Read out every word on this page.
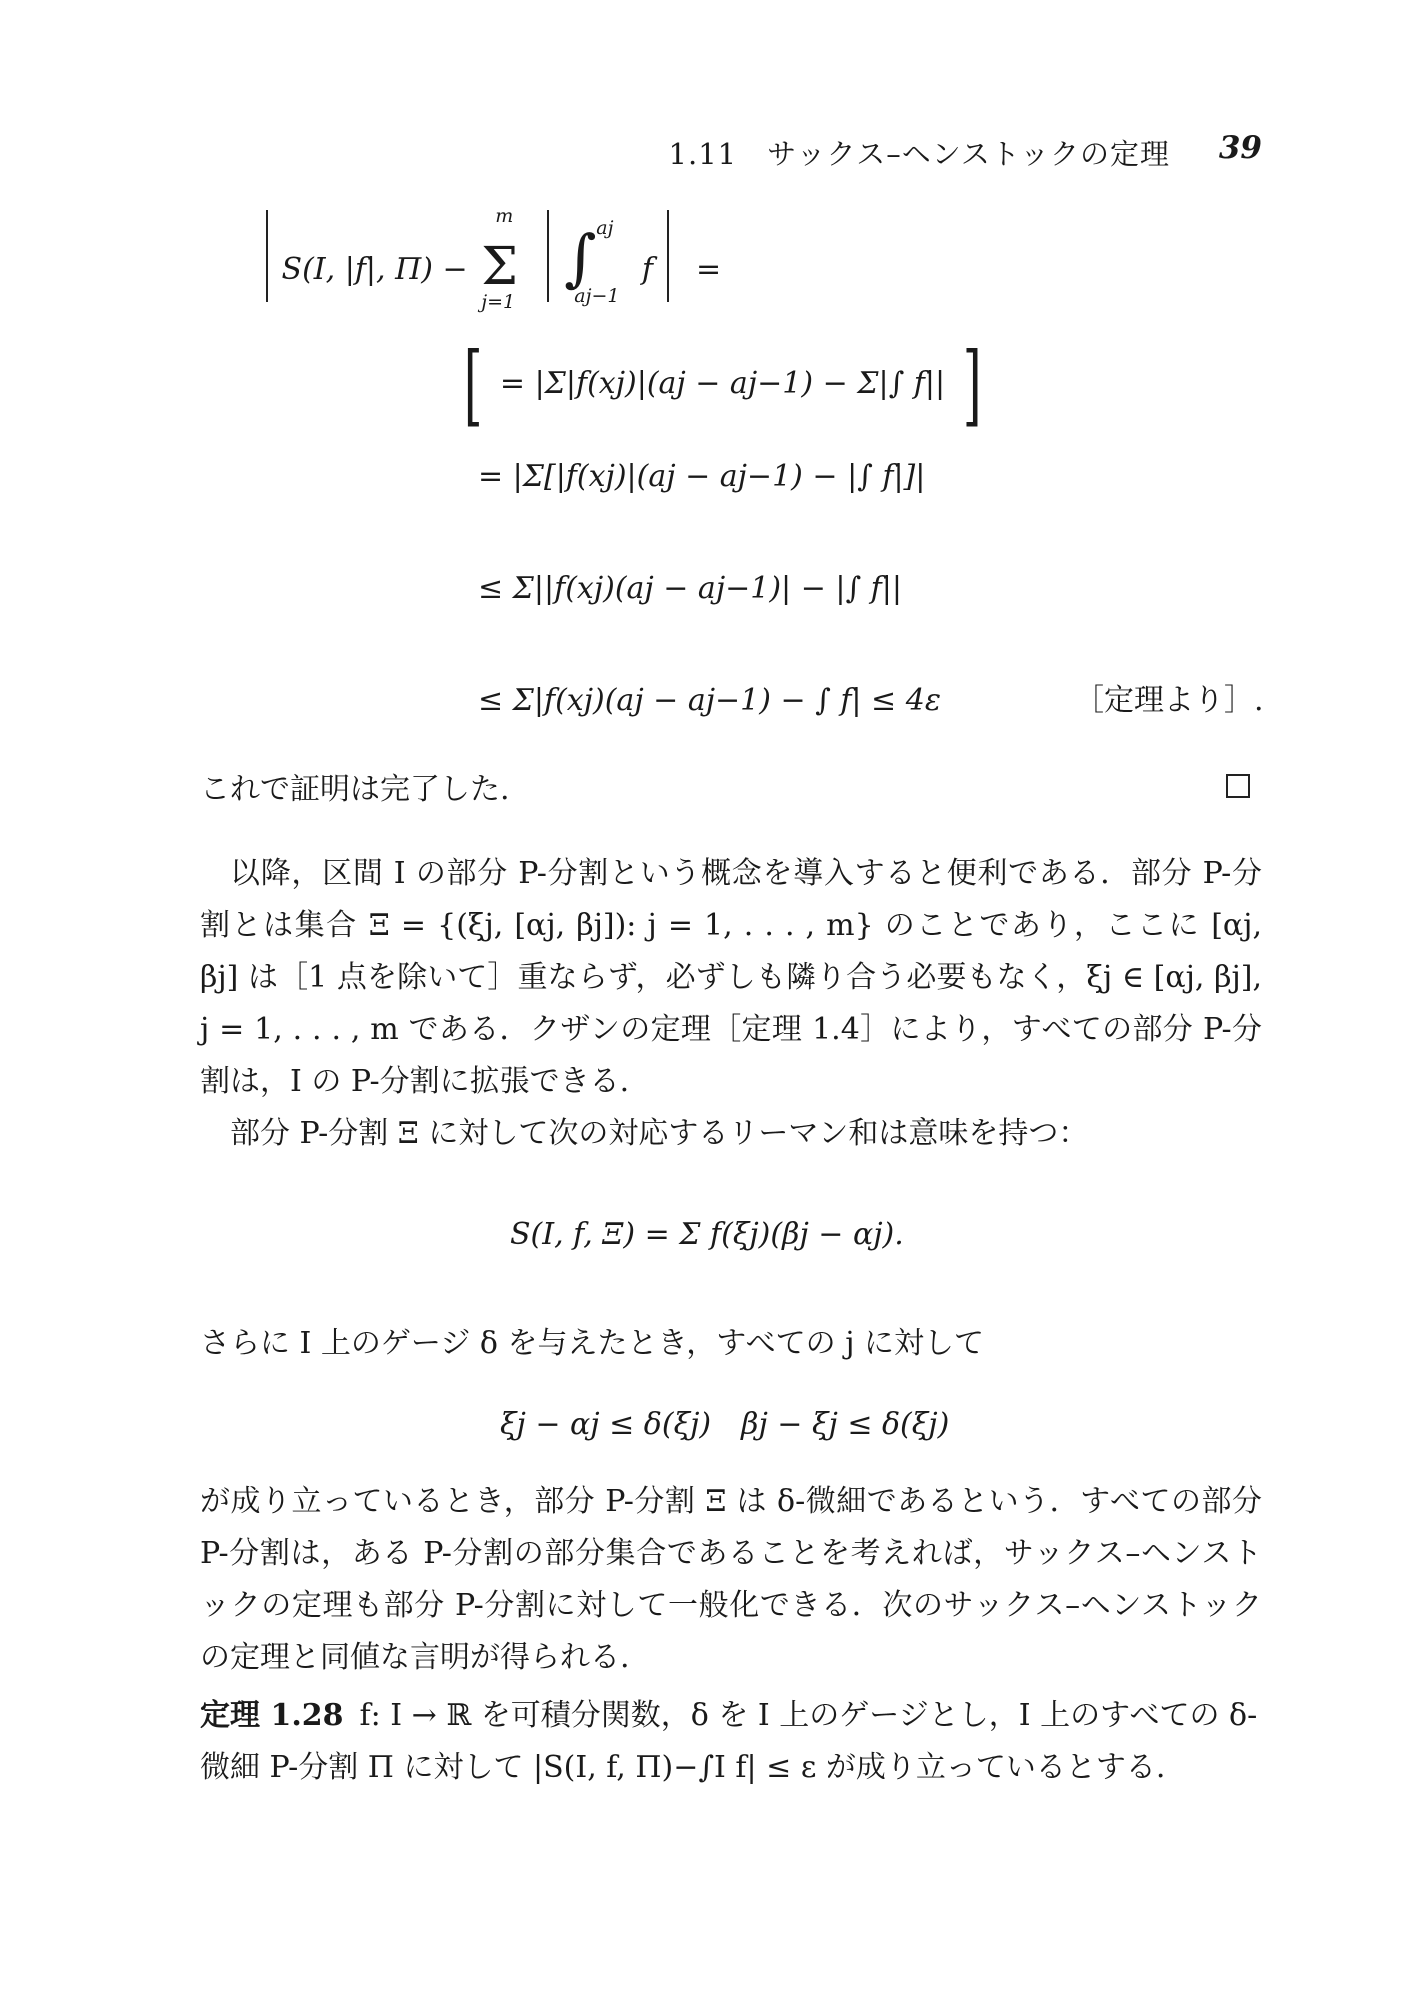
1.11　サックス–ヘンストックの定理 39
S(I, |f|, Π) −
m
Σ
j=1

aj
∫
aj−1
f =
[ = |Σ|f(xj)|(aj − aj−1) − Σ|∫ f|| ]
= |Σ[|f(xj)|(aj − aj−1) − |∫ f|]|
≤ Σ||f(xj)(aj − aj−1)| − |∫ f||
≤ Σ|f(xj)(aj − aj−1) − ∫ f| ≤ 4ε	［定理より］.
これで証明は完了した.
以降，区間 I の部分 P-分割という概念を導入すると便利である．部分 P-分割とは集合 Ξ = {(ξj, [αj, βj]): j = 1, . . . , m} のことであり，ここに [αj, βj] は［1 点を除いて］重ならず，必ずしも隣り合う必要もなく，ξj ∈ [αj, βj], j = 1, . . . , m である．クザンの定理［定理 1.4］により，すべての部分 P-分割は，I の P-分割に拡張できる.
部分 P-分割 Ξ に対して次の対応するリーマン和は意味を持つ：
S(I, f, Ξ) = Σ f(ξj)(βj − αj).
さらに I 上のゲージ δ を与えたとき，すべての j に対して
ξj − αj ≤ δ(ξj)　βj − ξj ≤ δ(ξj)
が成り立っているとき，部分 P-分割 Ξ は δ-微細であるという．すべての部分 P-分割は，ある P-分割の部分集合であることを考えれば，サックス–ヘンストックの定理も部分 P-分割に対して一般化できる．次のサックス–ヘンストックの定理と同値な言明が得られる.
定理 1.28 f: I → ℝ を可積分関数，δ を I 上のゲージとし，I 上のすべての δ-微細 P-分割 Π に対して |S(I, f, Π)−∫I f| ≤ ε が成り立っているとする.
